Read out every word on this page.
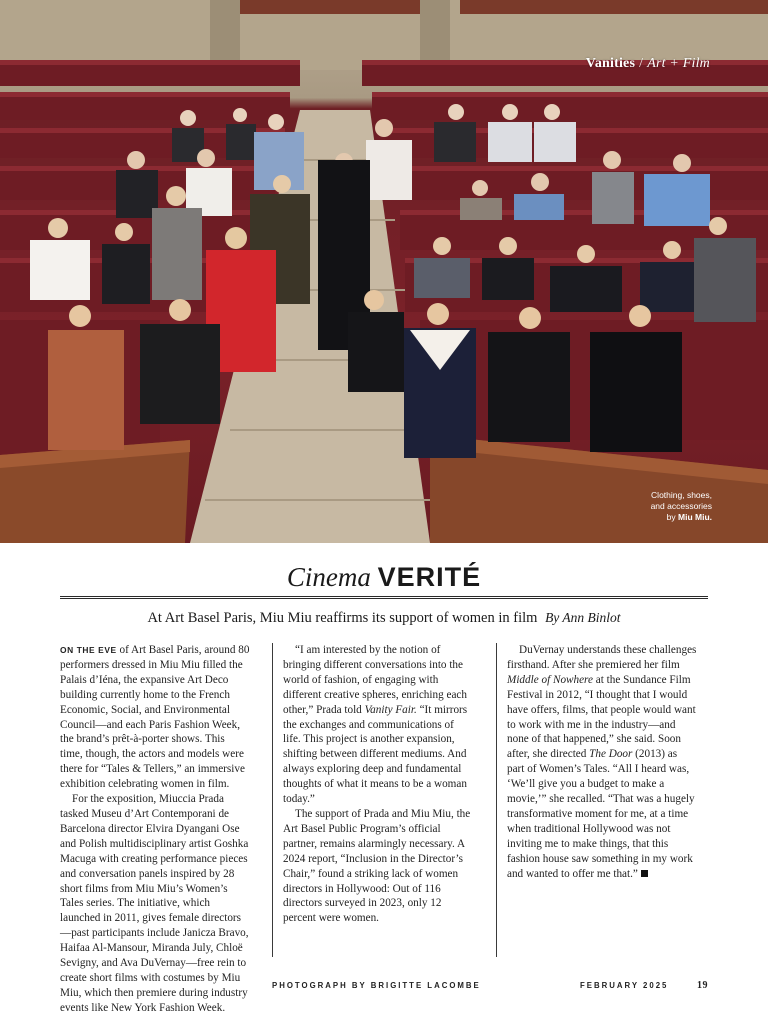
Vanities / Art + Film
Clothing, shoes,
and accessories
by Miu Miu.
Cinema VERITÉ
At Art Basel Paris, Miu Miu reaffirms its support of women in film By Ann Binlot

ON THE EVE of Art Basel Paris, around 80 performers dressed in Miu Miu filled the Palais d’Iéna, the expansive Art Deco building currently home to the French Economic, Social, and Environmental Council—and each Paris Fashion Week, the brand’s prêt-à-porter shows. This time, though, the actors and models were there for “Tales & Tellers,” an immersive exhibition celebrating women in film.

For the exposition, Miuccia Prada tasked Museu d’Art Contemporani de Barcelona director Elvira Dyangani Ose and Polish multidisciplinary artist Goshka Macuga with creating performance pieces and conversation panels inspired by 28 short films from Miu Miu’s Women’s Tales series. The initiative, which launched in 2011, gives female directors—past participants include Janicza Bravo, Haifaa Al-Mansour, Miranda July, Chloë Sevigny, and Ava DuVernay—free rein to create short films with costumes by Miu Miu, which then premiere during industry events like New York Fashion Week.

“I am interested by the notion of bringing different conversations into the world of fashion, of engaging with different creative spheres, enriching each other,” Prada told Vanity Fair. “It mirrors the exchanges and communications of life. This project is another expansion, shifting between different mediums. And always exploring deep and fundamental thoughts of what it means to be a woman today.”

The support of Prada and Miu Miu, the Art Basel Public Program’s official partner, remains alarmingly necessary. A 2024 report, “Inclusion in the Director’s Chair,” found a striking lack of women directors in Hollywood: Out of 116 directors surveyed in 2023, only 12 percent were women.

DuVernay understands these challenges firsthand. After she premiered her film Middle of Nowhere at the Sundance Film Festival in 2012, “I thought that I would have offers, films, that people would want to work with me in the industry—and none of that happened,” she said. Soon after, she directed The Door (2013) as part of Women’s Tales. “All I heard was, ‘We’ll give you a budget to make a movie,’” she recalled. “That was a hugely transformative moment for me, at a time when traditional Hollywood was not inviting me to make things, that this fashion house saw something in my work and wanted to offer me that.”

PHOTOGRAPH BY BRIGITTE LACOMBE	FEBRUARY 2025	19
